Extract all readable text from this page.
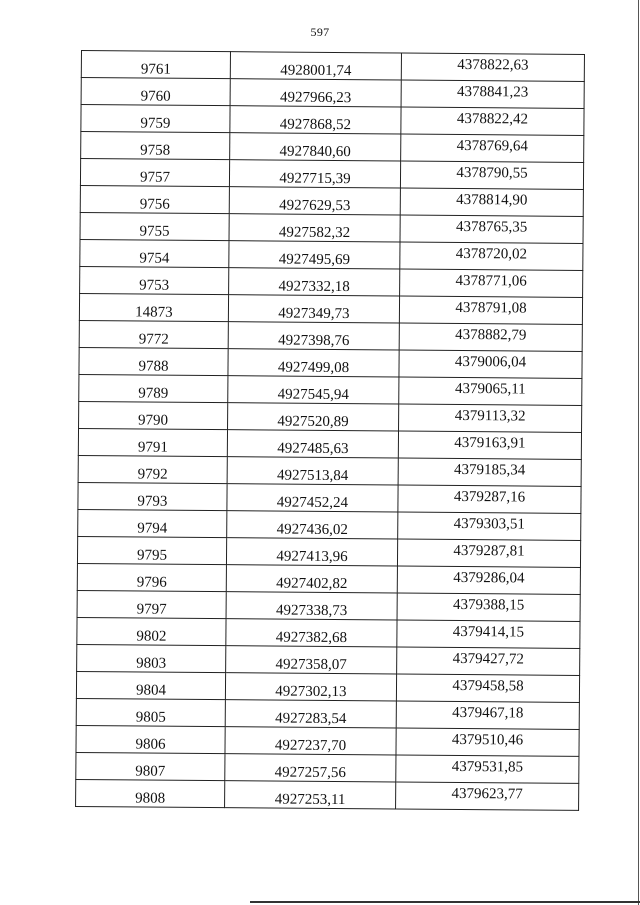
597
9761	4928001,74	4378822,63
9760	4927966,23	4378841,23
9759	4927868,52	4378822,42
9758	4927840,60	4378769,64
9757	4927715,39	4378790,55
9756	4927629,53	4378814,90
9755	4927582,32	4378765,35
9754	4927495,69	4378720,02
9753	4927332,18	4378771,06
14873	4927349,73	4378791,08
9772	4927398,76	4378882,79
9788	4927499,08	4379006,04
9789	4927545,94	4379065,11
9790	4927520,89	4379113,32
9791	4927485,63	4379163,91
9792	4927513,84	4379185,34
9793	4927452,24	4379287,16
9794	4927436,02	4379303,51
9795	4927413,96	4379287,81
9796	4927402,82	4379286,04
9797	4927338,73	4379388,15
9802	4927382,68	4379414,15
9803	4927358,07	4379427,72
9804	4927302,13	4379458,58
9805	4927283,54	4379467,18
9806	4927237,70	4379510,46
9807	4927257,56	4379531,85
9808	4927253,11	4379623,77
